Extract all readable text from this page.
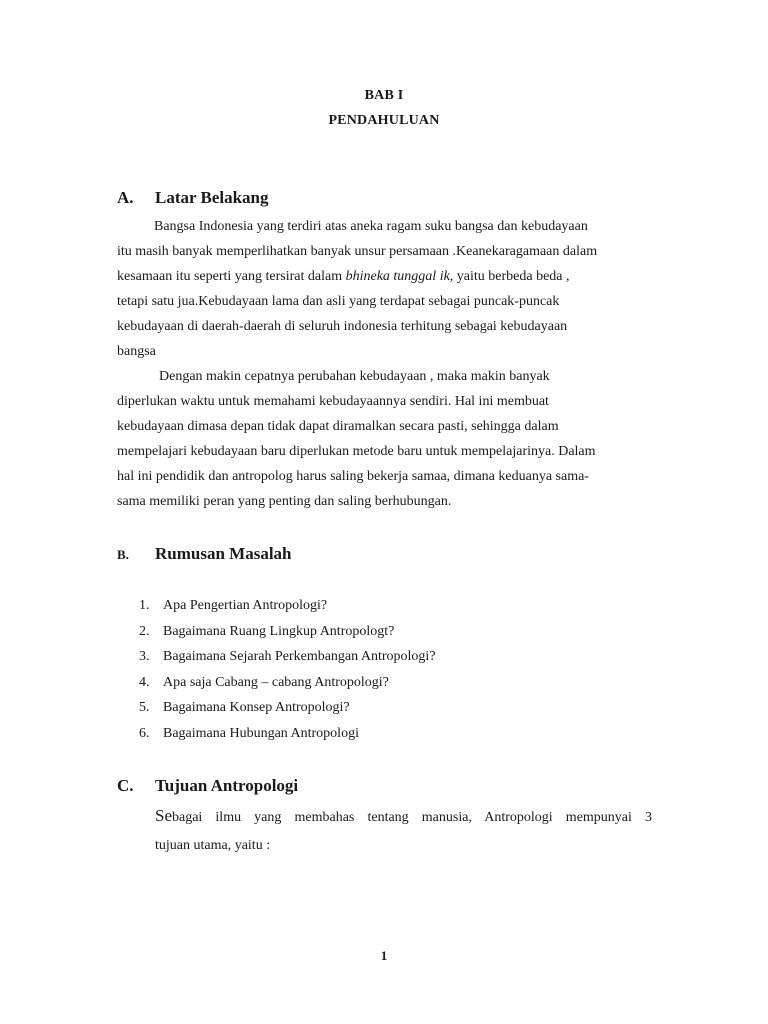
BAB I
PENDAHULUAN
A. Latar Belakang
Bangsa Indonesia yang terdiri atas aneka ragam suku bangsa dan kebudayaan
itu masih banyak memperlihatkan banyak unsur persamaan .Keanekaragamaan dalam
kesamaan itu seperti yang tersirat dalam bhineka tunggal ik, yaitu berbeda beda ,
tetapi satu jua.Kebudayaan lama dan asli yang terdapat sebagai puncak-puncak
kebudayaan di daerah-daerah di seluruh indonesia terhitung sebagai kebudayaan
bangsa
Dengan makin cepatnya perubahan kebudayaan , maka makin banyak
diperlukan waktu untuk memahami kebudayaannya sendiri. Hal ini membuat
kebudayaan dimasa depan tidak dapat diramalkan secara pasti, sehingga dalam
mempelajari kebudayaan baru diperlukan metode baru untuk mempelajarinya. Dalam
hal ini pendidik dan antropolog harus saling bekerja samaa, dimana keduanya sama-
sama memiliki peran yang penting dan saling berhubungan.
B. Rumusan Masalah
1. Apa Pengertian Antropologi?
2. Bagaimana Ruang Lingkup Antropologt?
3. Bagaimana Sejarah Perkembangan Antropologi?
4. Apa saja Cabang – cabang Antropologi?
5. Bagaimana Konsep Antropologi?
6. Bagaimana Hubungan Antropologi
C. Tujuan Antropologi
Sebagai ilmu yang membahas tentang manusia, Antropologi mempunyai 3
tujuan utama, yaitu :
1
